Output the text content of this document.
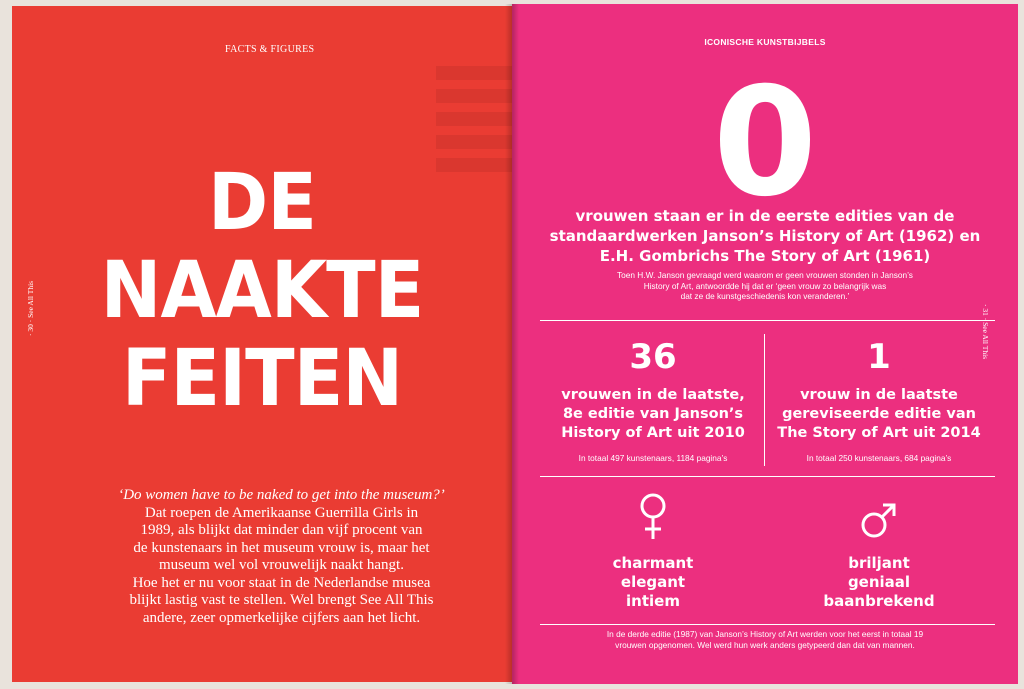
FACTS & FIGURES
DE
NAAKTE
FEITEN
· 30 · See All This
‘Do women have to be naked to get into the museum?’
Dat roepen de Amerikaanse Guerrilla Girls in
1989, als blijkt dat minder dan vijf procent van
de kunstenaars in het museum vrouw is, maar het
museum wel vol vrouwelijk naakt hangt.
Hoe het er nu voor staat in de Nederlandse musea
blijkt lastig vast te stellen. Wel brengt See All This
andere, zeer opmerkelijke cijfers aan het licht.
ICONISCHE KUNSTBIJBELS
0
vrouwen staan er in de eerste edities van de
standaardwerken Janson’s History of Art (1962) en
E.H. Gombrichs The Story of Art (1961)
Toen H.W. Janson gevraagd werd waarom er geen vrouwen stonden in Janson’s
History of Art, antwoordde hij dat er ‘geen vrouw zo belangrijk was
dat ze de kunstgeschiedenis kon veranderen.’
36
vrouwen in de laatste,
8e editie van Janson’s
History of Art uit 2010
In totaal 497 kunstenaars, 1184 pagina’s
1
vrouw in de laatste
gereviseerde editie van
The Story of Art uit 2014
In totaal 250 kunstenaars, 684 pagina’s
charmant
elegant
intiem
briljant
geniaal
baanbrekend
In de derde editie (1987) van Janson’s History of Art werden voor het eerst in totaal 19
vrouwen opgenomen. Wel werd hun werk anders getypeerd dan dat van mannen.
· 31 · See All This
